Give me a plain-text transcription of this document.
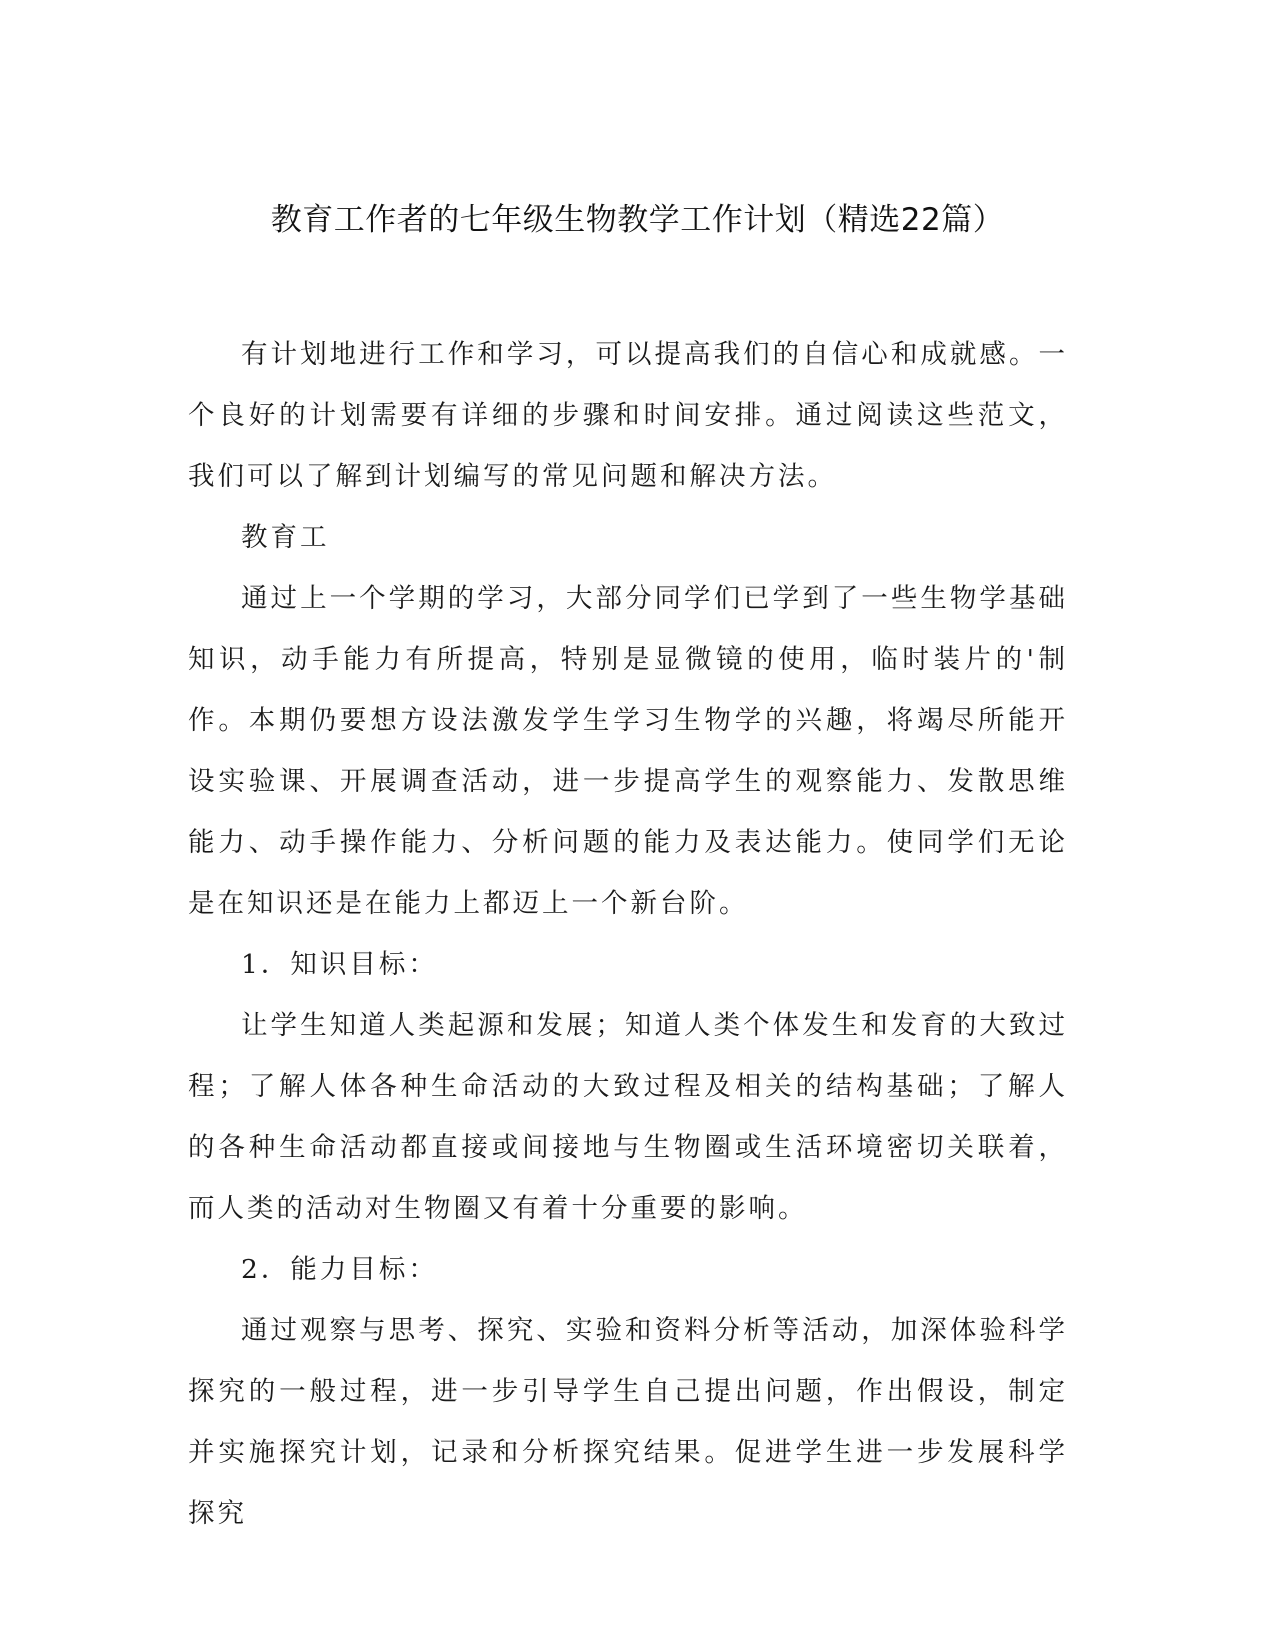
教育工作者的七年级生物教学工作计划（精选22篇）

有计划地进行工作和学习，可以提高我们的自信心和成就感。一个良好的计划需要有详细的步骤和时间安排。通过阅读这些范文，我们可以了解到计划编写的常见问题和解决方法。

教育工

通过上一个学期的学习，大部分同学们已学到了一些生物学基础知识，动手能力有所提高，特别是显微镜的使用，临时装片的'制作。本期仍要想方设法激发学生学习生物学的兴趣，将竭尽所能开设实验课、开展调查活动，进一步提高学生的观察能力、发散思维能力、动手操作能力、分析问题的能力及表达能力。使同学们无论是在知识还是在能力上都迈上一个新台阶。

1．知识目标：

让学生知道人类起源和发展；知道人类个体发生和发育的大致过程；了解人体各种生命活动的大致过程及相关的结构基础；了解人的各种生命活动都直接或间接地与生物圈或生活环境密切关联着，而人类的活动对生物圈又有着十分重要的影响。

2．能力目标：

通过观察与思考、探究、实验和资料分析等活动，加深体验科学探究的一般过程，进一步引导学生自己提出问题，作出假设，制定并实施探究计划，记录和分析探究结果。促进学生进一步发展科学探究
